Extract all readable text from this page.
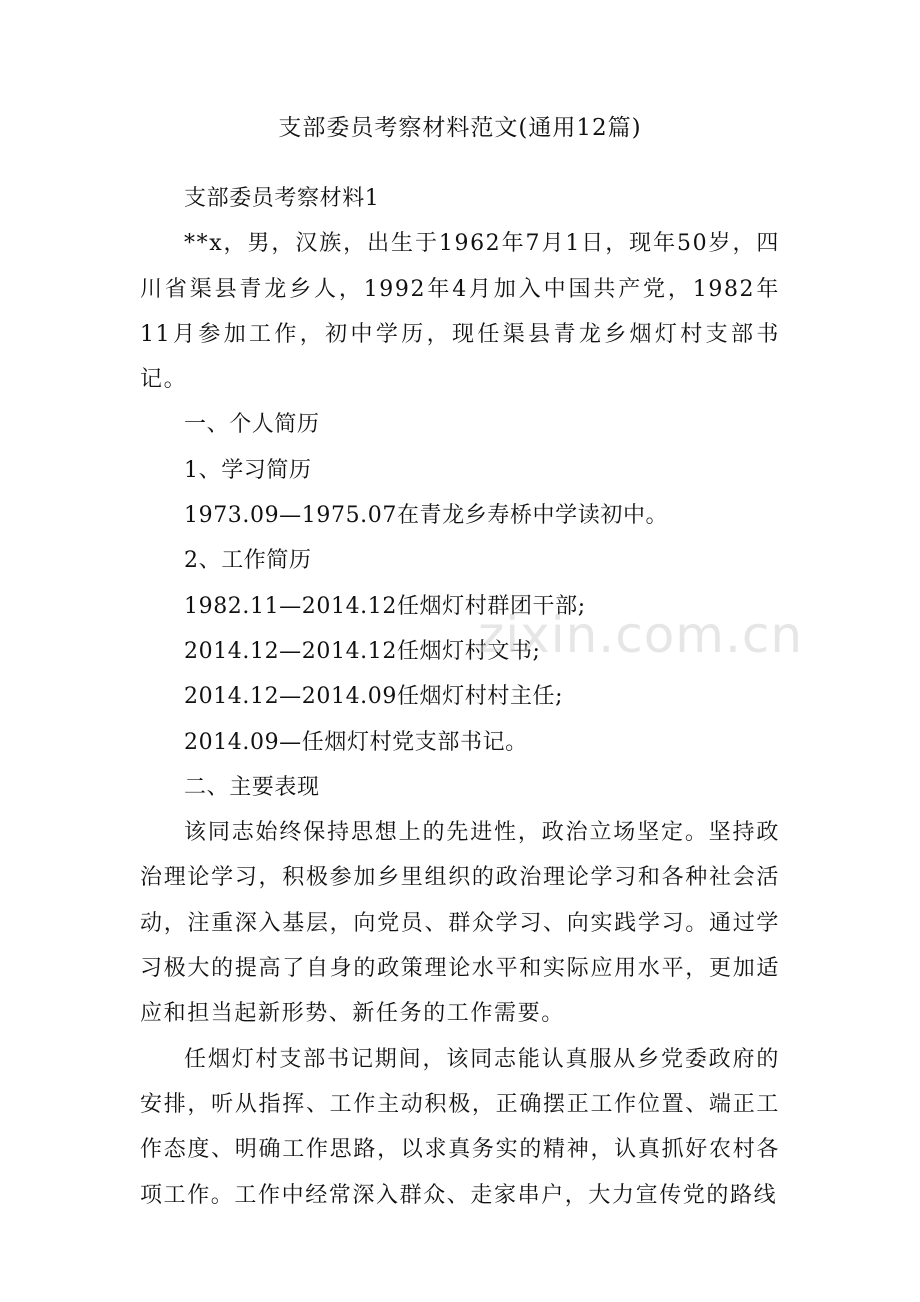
支部委员考察材料范文(通用12篇)

支部委员考察材料1

**x，男，汉族，出生于1962年7月1日，现年50岁，四川省渠县青龙乡人，1992年4月加入中国共产党，1982年11月参加工作，初中学历，现任渠县青龙乡烟灯村支部书记。

一、个人简历

1、学习简历

1973.09—1975.07在青龙乡寿桥中学读初中。

2、工作简历

1982.11—2014.12任烟灯村群团干部;

2014.12—2014.12任烟灯村文书;

2014.12—2014.09任烟灯村村主任;

2014.09—任烟灯村党支部书记。

二、主要表现

该同志始终保持思想上的先进性，政治立场坚定。坚持政治理论学习，积极参加乡里组织的政治理论学习和各种社会活动，注重深入基层，向党员、群众学习、向实践学习。通过学习极大的提高了自身的政策理论水平和实际应用水平，更加适应和担当起新形势、新任务的工作需要。

任烟灯村支部书记期间，该同志能认真服从乡党委政府的安排，听从指挥、工作主动积极，正确摆正工作位置、端正工作态度、明确工作思路，以求真务实的精神，认真抓好农村各项工作。工作中经常深入群众、走家串户，大力宣传党的路线

zixin.com.cn
